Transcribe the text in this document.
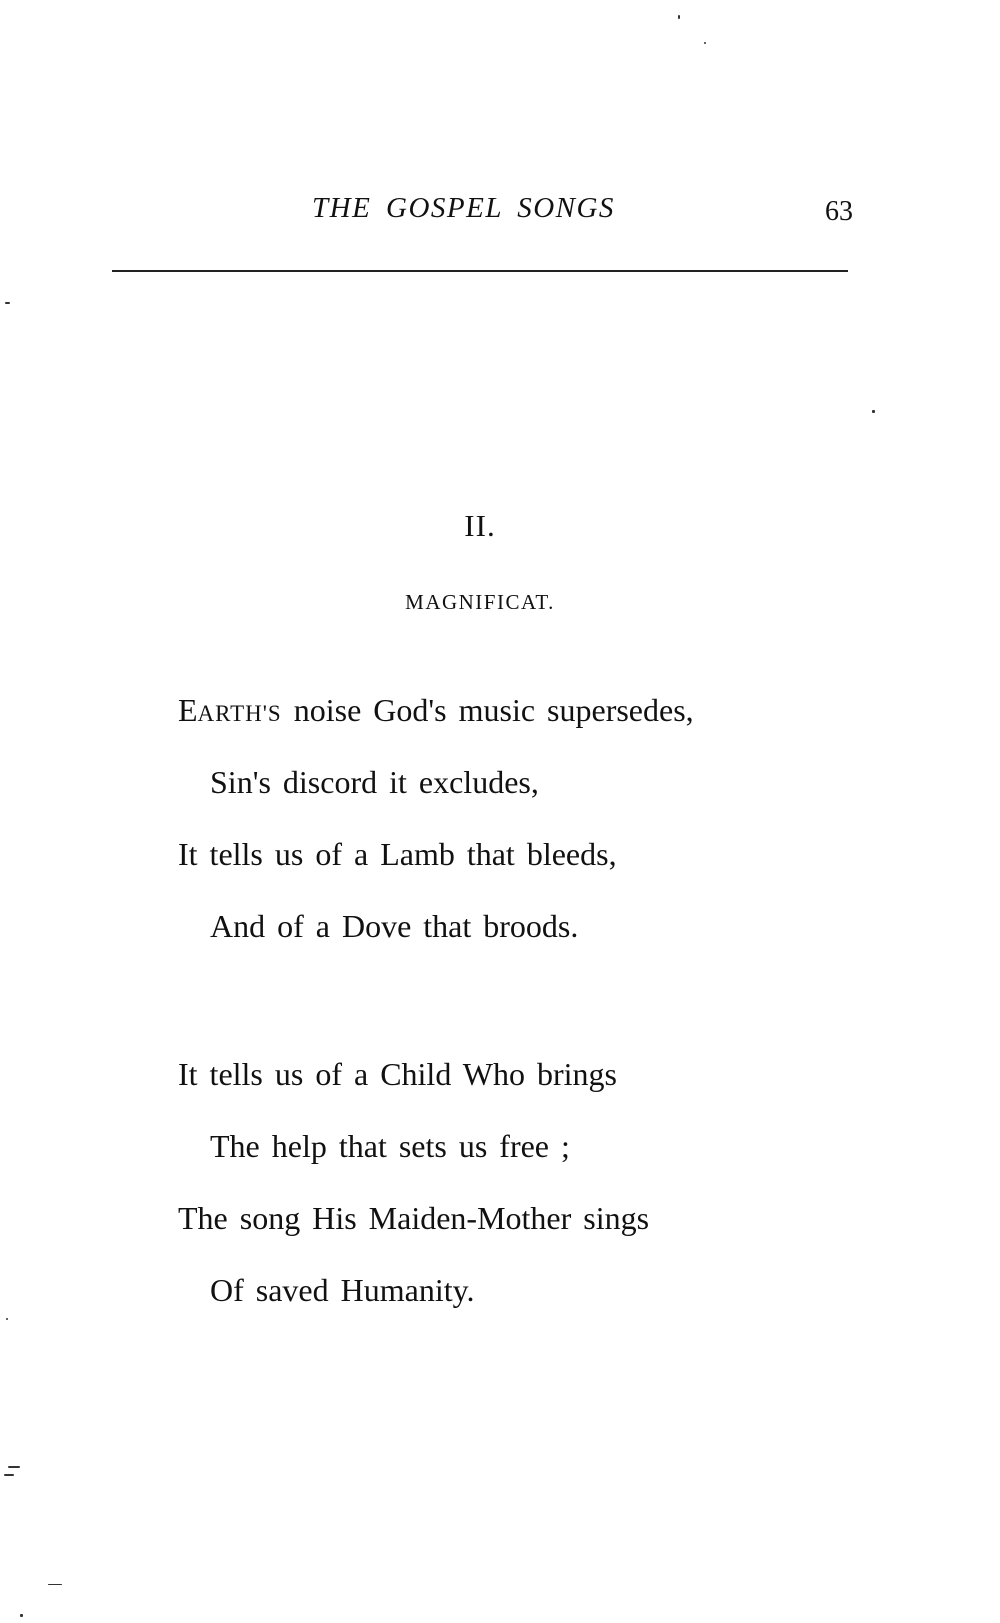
THE GOSPEL SONGS	63
II.
MAGNIFICAT.
EARTH'S noise God's music supersedes,
Sin's discord it excludes,
It tells us of a Lamb that bleeds,
And of a Dove that broods.
It tells us of a Child Who brings
The help that sets us free ;
The song His Maiden-Mother sings
Of saved Humanity.
